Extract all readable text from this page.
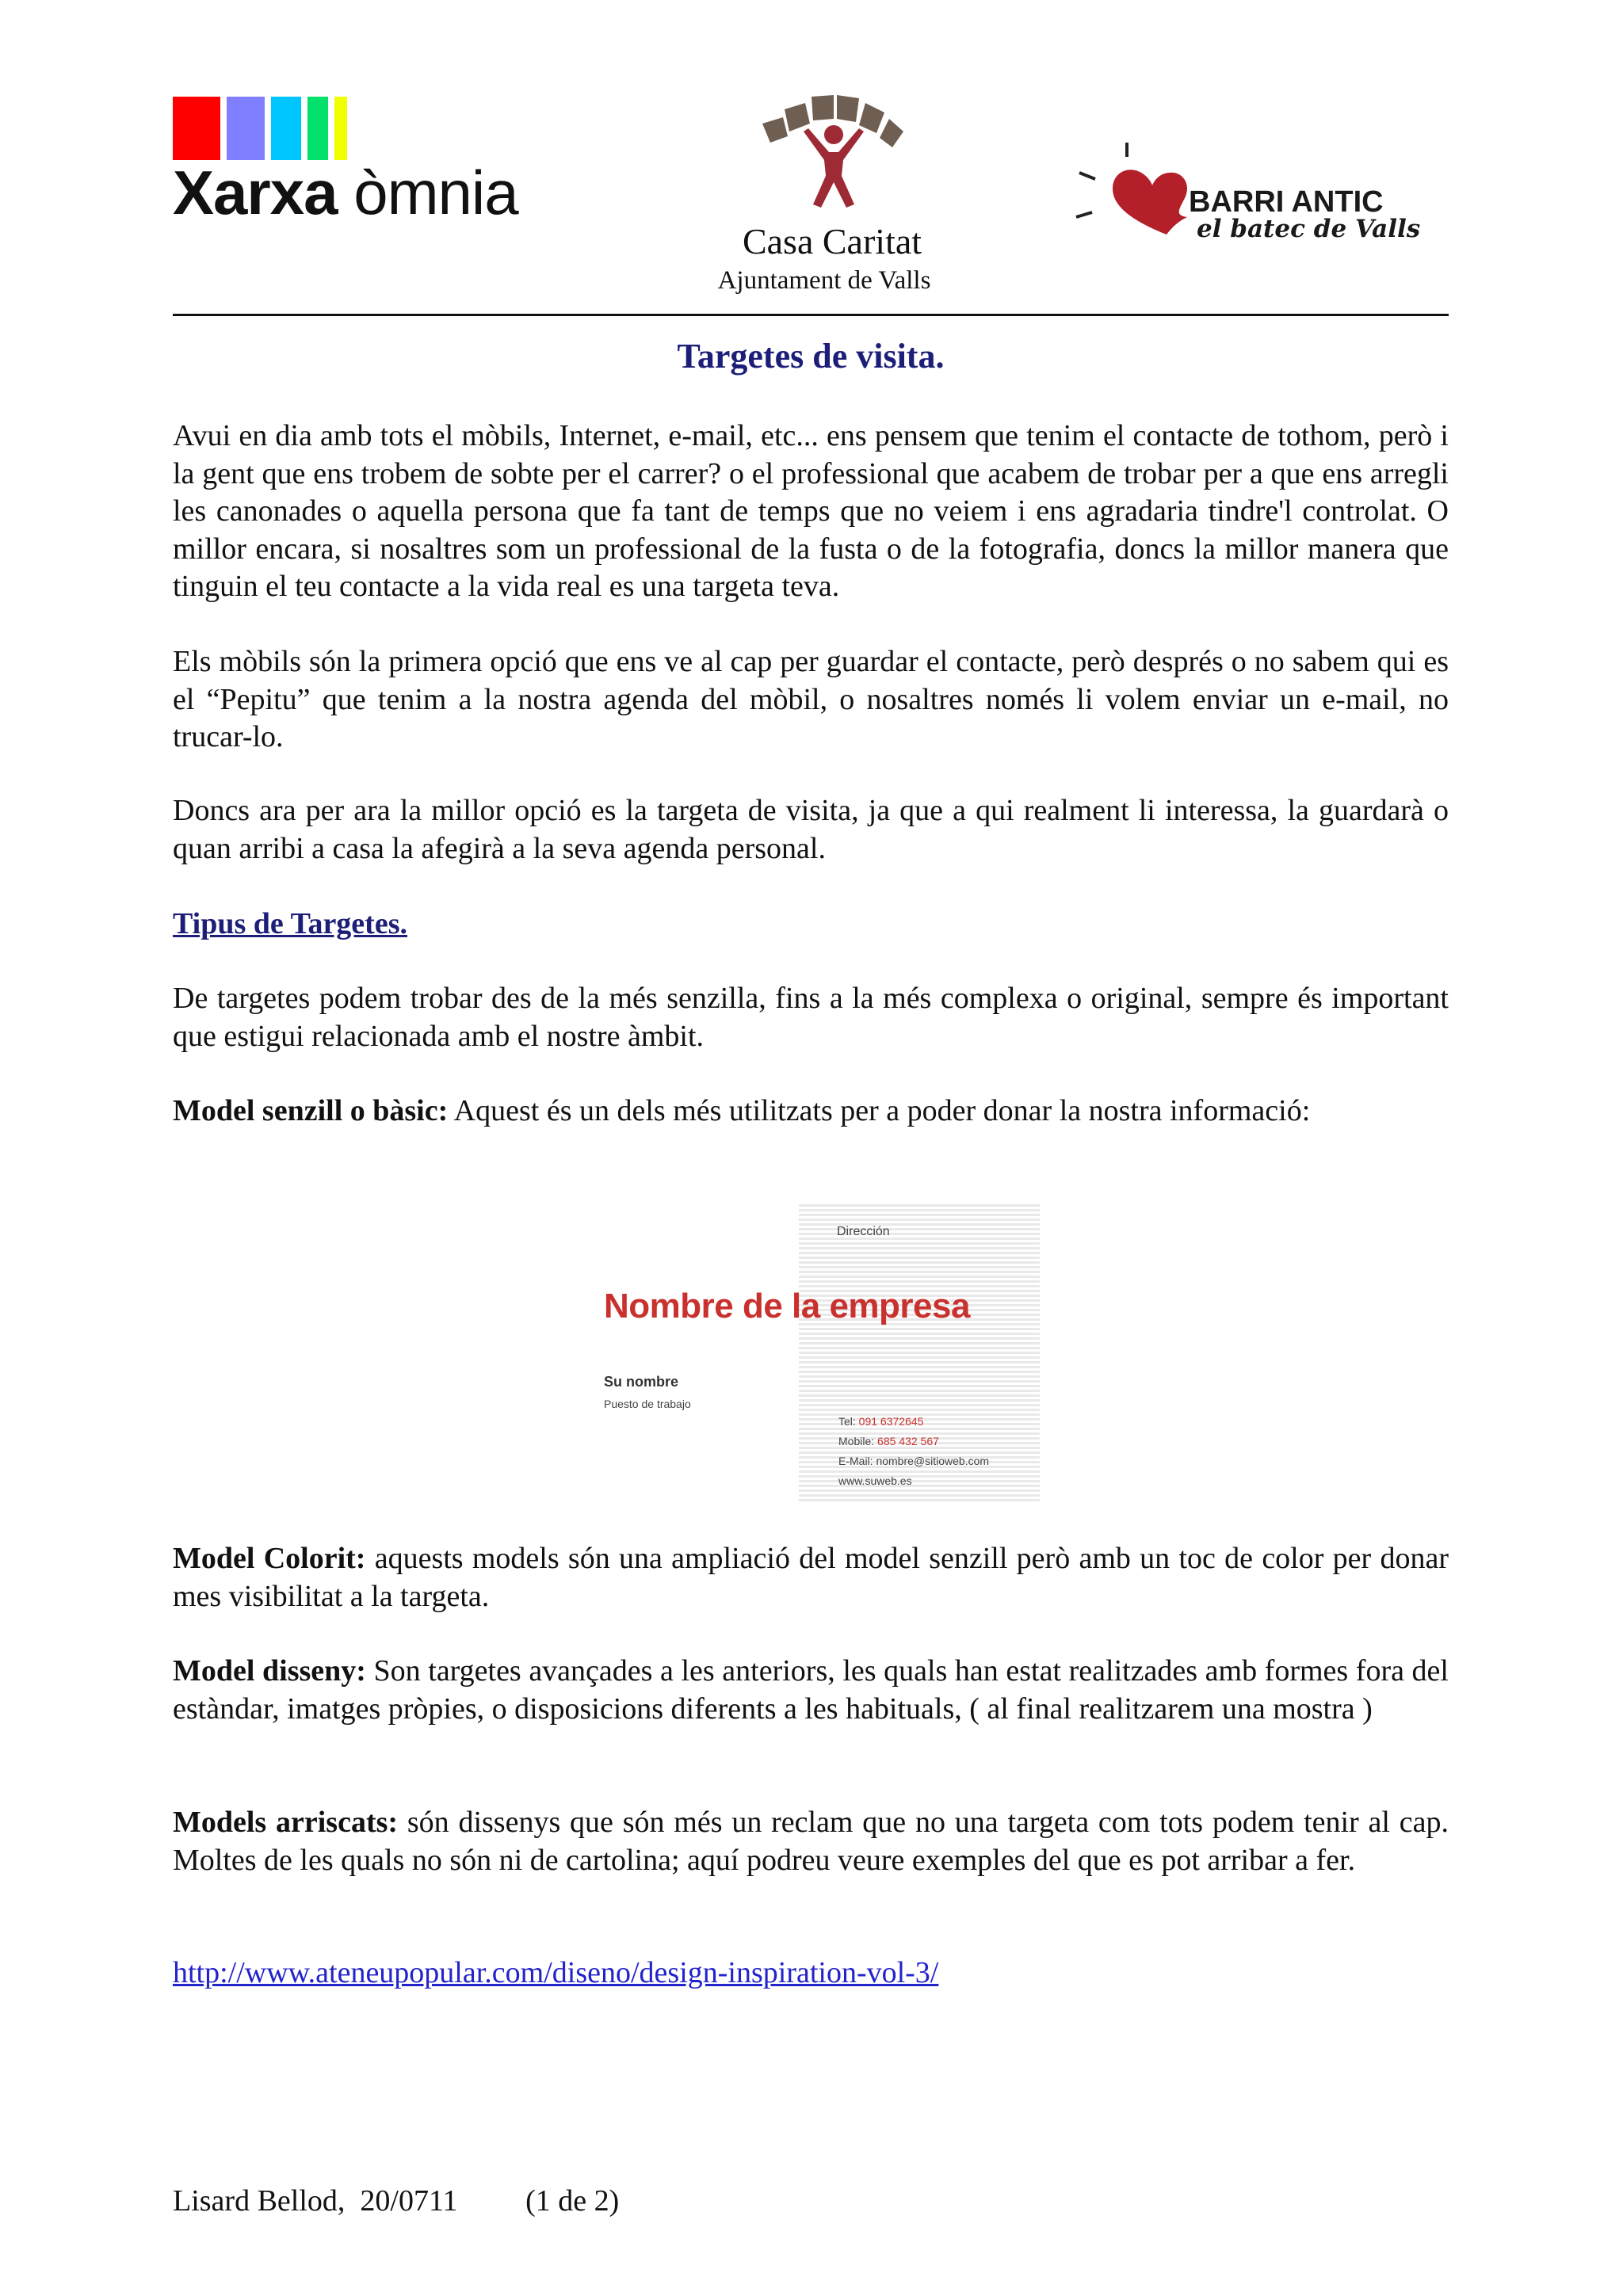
Xarxa òmnia
Casa Caritat
Ajuntament de Valls
BARRI ANTIC
el batec de Valls
Targetes de visita.

Avui en dia amb tots el mòbils, Internet, e-mail, etc... ens pensem que tenim el contacte de tothom, però i la gent que ens trobem de sobte per el carrer? o el professional que acabem de trobar per a que ens arregli les canonades o aquella persona que fa tant de temps que no veiem i ens agradaria tindre'l controlat. O millor encara, si nosaltres som un professional de la fusta o de la fotografia, doncs la millor manera que tinguin el teu contacte a la vida real es una targeta teva.

Els mòbils són la primera opció que ens ve al cap per guardar el contacte, però després o no sabem qui es el “Pepitu” que tenim a la nostra agenda del mòbil, o nosaltres només li volem enviar un e-mail, no trucar-lo.

Doncs ara per ara la millor opció es la targeta de visita, ja que a qui realment li interessa, la guardarà o quan arribi a casa la afegirà a la seva agenda personal.

Tipus de Targetes.

De targetes podem trobar des de la més senzilla, fins a la més complexa o original, sempre és important que estigui relacionada amb el nostre àmbit.

Model senzill o bàsic: Aquest és un dels més utilitzats per a poder donar la nostra informació:

Dirección
Nombre de la empresa
Su nombre
Puesto de trabajo
Tel: 091 6372645
Mobile: 685 432 567
E-Mail: nombre@sitioweb.com
www.suweb.es

Model Colorit: aquests models són una ampliació del model senzill però amb un toc de color per donar mes visibilitat a la targeta.

Model disseny: Son targetes avançades a les anteriors, les quals han estat realitzades amb formes fora del estàndar, imatges pròpies, o disposicions diferents a les habituals, ( al final realitzarem una mostra )

Models arriscats: són dissenys que són més un reclam que no una targeta com tots podem tenir al cap. Moltes de les quals no són ni de cartolina; aquí podreu veure exemples del que es pot arribar a fer.

http://www.ateneupopular.com/diseno/design-inspiration-vol-3/
Lisard Bellod,  20/0711 (1 de 2)
